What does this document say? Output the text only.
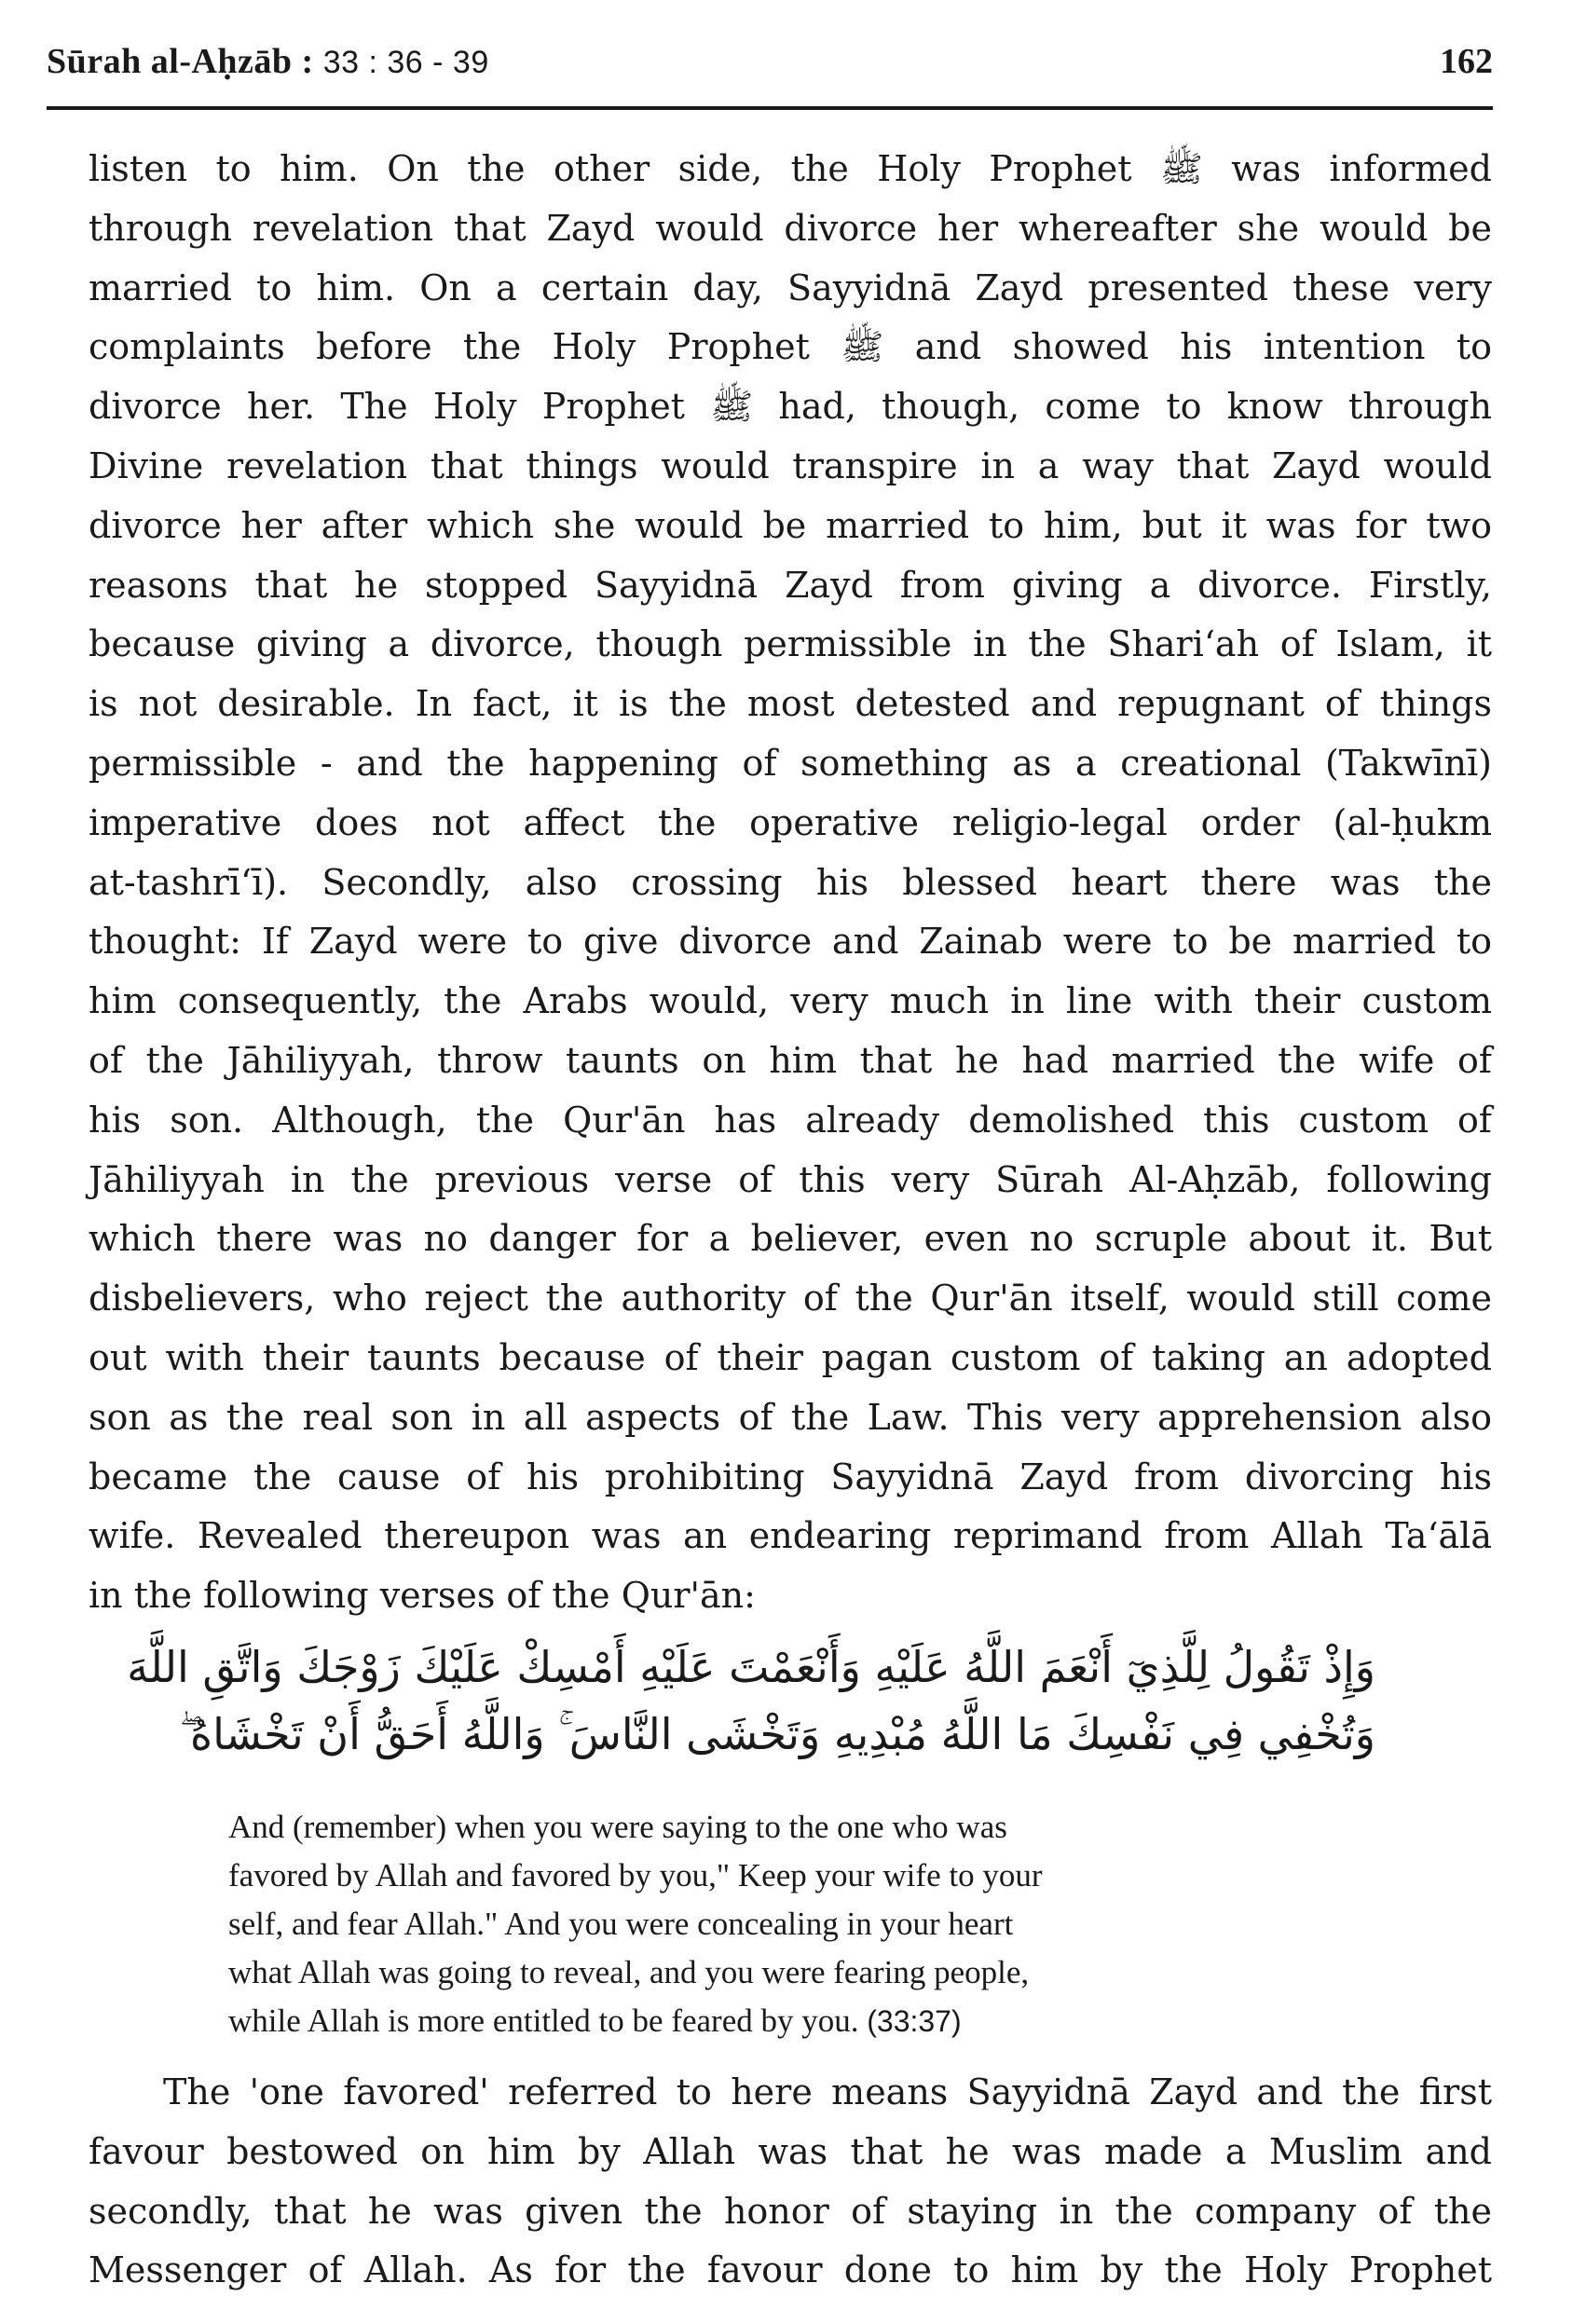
Sūrah al-Aḥzāb : 33 : 36 - 39	162
listen to him. On the other side, the Holy Prophet ﷺ was informed
through revelation that Zayd would divorce her whereafter she would be
married to him. On a certain day, Sayyidnā Zayd presented these very
complaints before the Holy Prophet ﷺ and showed his intention to
divorce her. The Holy Prophet ﷺ had, though, come to know through
Divine revelation that things would transpire in a way that Zayd would
divorce her after which she would be married to him, but it was for two
reasons that he stopped Sayyidnā Zayd from giving a divorce. Firstly,
because giving a divorce, though permissible in the Shari‘ah of Islam, it
is not desirable. In fact, it is the most detested and repugnant of things
permissible - and the happening of something as a creational (Takwīnī)
imperative does not affect the operative religio-legal order (al-ḥukm
at-tashrī‘ī). Secondly, also crossing his blessed heart there was the
thought: If Zayd were to give divorce and Zainab were to be married to
him consequently, the Arabs would, very much in line with their custom
of the Jāhiliyyah, throw taunts on him that he had married the wife of
his son. Although, the Qur'ān has already demolished this custom of
Jāhiliyyah in the previous verse of this very Sūrah Al-Aḥzāb, following
which there was no danger for a believer, even no scruple about it. But
disbelievers, who reject the authority of the Qur'ān itself, would still come
out with their taunts because of their pagan custom of taking an adopted
son as the real son in all aspects of the Law. This very apprehension also
became the cause of his prohibiting Sayyidnā Zayd from divorcing his
wife. Revealed thereupon was an endearing reprimand from Allah Ta‘ālā
in the following verses of the Qur'ān:
وَإِذْ تَقُولُ لِلَّذِيٓ أَنْعَمَ اللَّهُ عَلَيْهِ وَأَنْعَمْتَ عَلَيْهِ أَمْسِكْ عَلَيْكَ زَوْجَكَ وَاتَّقِ اللَّهَ
وَتُخْفِي فِي نَفْسِكَ مَا اللَّهُ مُبْدِيهِ وَتَخْشَى النَّاسَ ۚ وَاللَّهُ أَحَقُّ أَنْ تَخْشَاهُ ۖ
And (remember) when you were saying to the one who was
favored by Allah and favored by you," Keep your wife to your
self, and fear Allah." And you were concealing in your heart
what Allah was going to reveal, and you were fearing people,
while Allah is more entitled to be feared by you. (33:37)
The 'one favored' referred to here means Sayyidnā Zayd and the first
favour bestowed on him by Allah was that he was made a Muslim and
secondly, that he was given the honor of staying in the company of the
Messenger of Allah. As for the favour done to him by the Holy Prophet
